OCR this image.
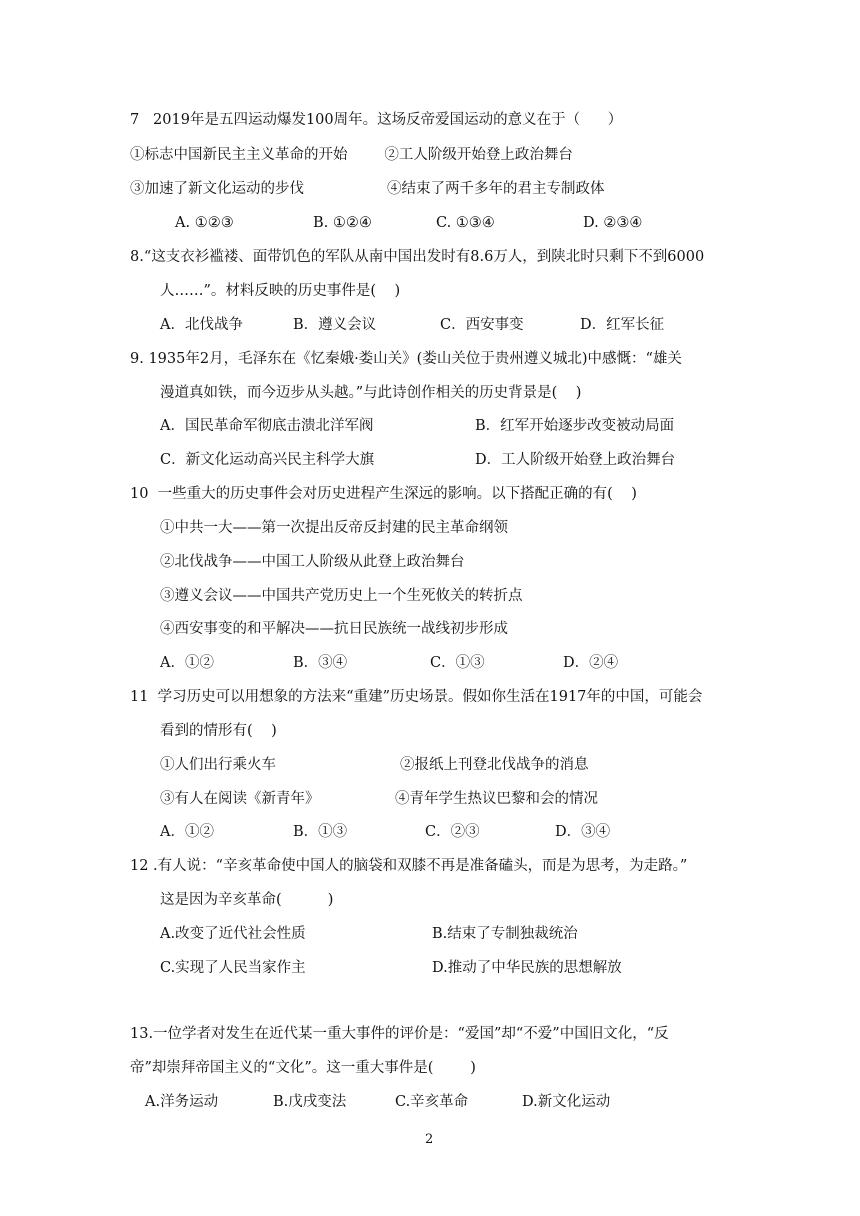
7   2019年是五四运动爆发100周年。这场反帝爱国运动的意义在于（      ）
①标志中国新民主主义革命的开始        ②工人阶级开始登上政治舞台
③加速了新文化运动的步伐                  ④结束了两千多年的君主专制政体
A. ①②③	B. ①②④	C. ①③④	D. ②③④
8.“这支衣衫褴褛、面带饥色的军队从南中国出发时有8.6万人，到陕北时只剩下不到6000
人……”。材料反映的历史事件是(    )
A．北伐战争	B．遵义会议	C．西安事变	D．红军长征
9. 1935年2月，毛泽东在《忆秦娥·娄山关》(娄山关位于贵州遵义城北)中感慨：“雄关
漫道真如铁，而今迈步从头越。”与此诗创作相关的历史背景是(    )
A．国民革命军彻底击溃北洋军阀	B．红军开始逐步改变被动局面
C．新文化运动高兴民主科学大旗	D．工人阶级开始登上政治舞台
10  一些重大的历史事件会对历史进程产生深远的影响。以下搭配正确的有(    )
①中共一大——第一次提出反帝反封建的民主革命纲领
②北伐战争——中国工人阶级从此登上政治舞台
③遵义会议——中国共产党历史上一个生死攸关的转折点
④西安事变的和平解决——抗日民族统一战线初步形成
A．①②	B．③④	C．①③	D．②④
11  学习历史可以用想象的方法来“重建”历史场景。假如你生活在1917年的中国，可能会
看到的情形有(    )
①人们出行乘火车	②报纸上刊登北伐战争的消息
③有人在阅读《新青年》	④青年学生热议巴黎和会的情况
A．①②	B．①③	C．②③	D．③④
12 .有人说：“辛亥革命使中国人的脑袋和双膝不再是准备磕头，而是为思考，为走路。”
这是因为辛亥革命(          )
A.改变了近代社会性质	B.结束了专制独裁统治
C.实现了人民当家作主	D.推动了中华民族的思想解放
13.一位学者对发生在近代某一重大事件的评价是：“爱国”却“不爱”中国旧文化，“反
2
帝”却崇拜帝国主义的“文化”。这一重大事件是(        )
A.洋务运动	B.戊戌变法	C.辛亥革命	D.新文化运动
